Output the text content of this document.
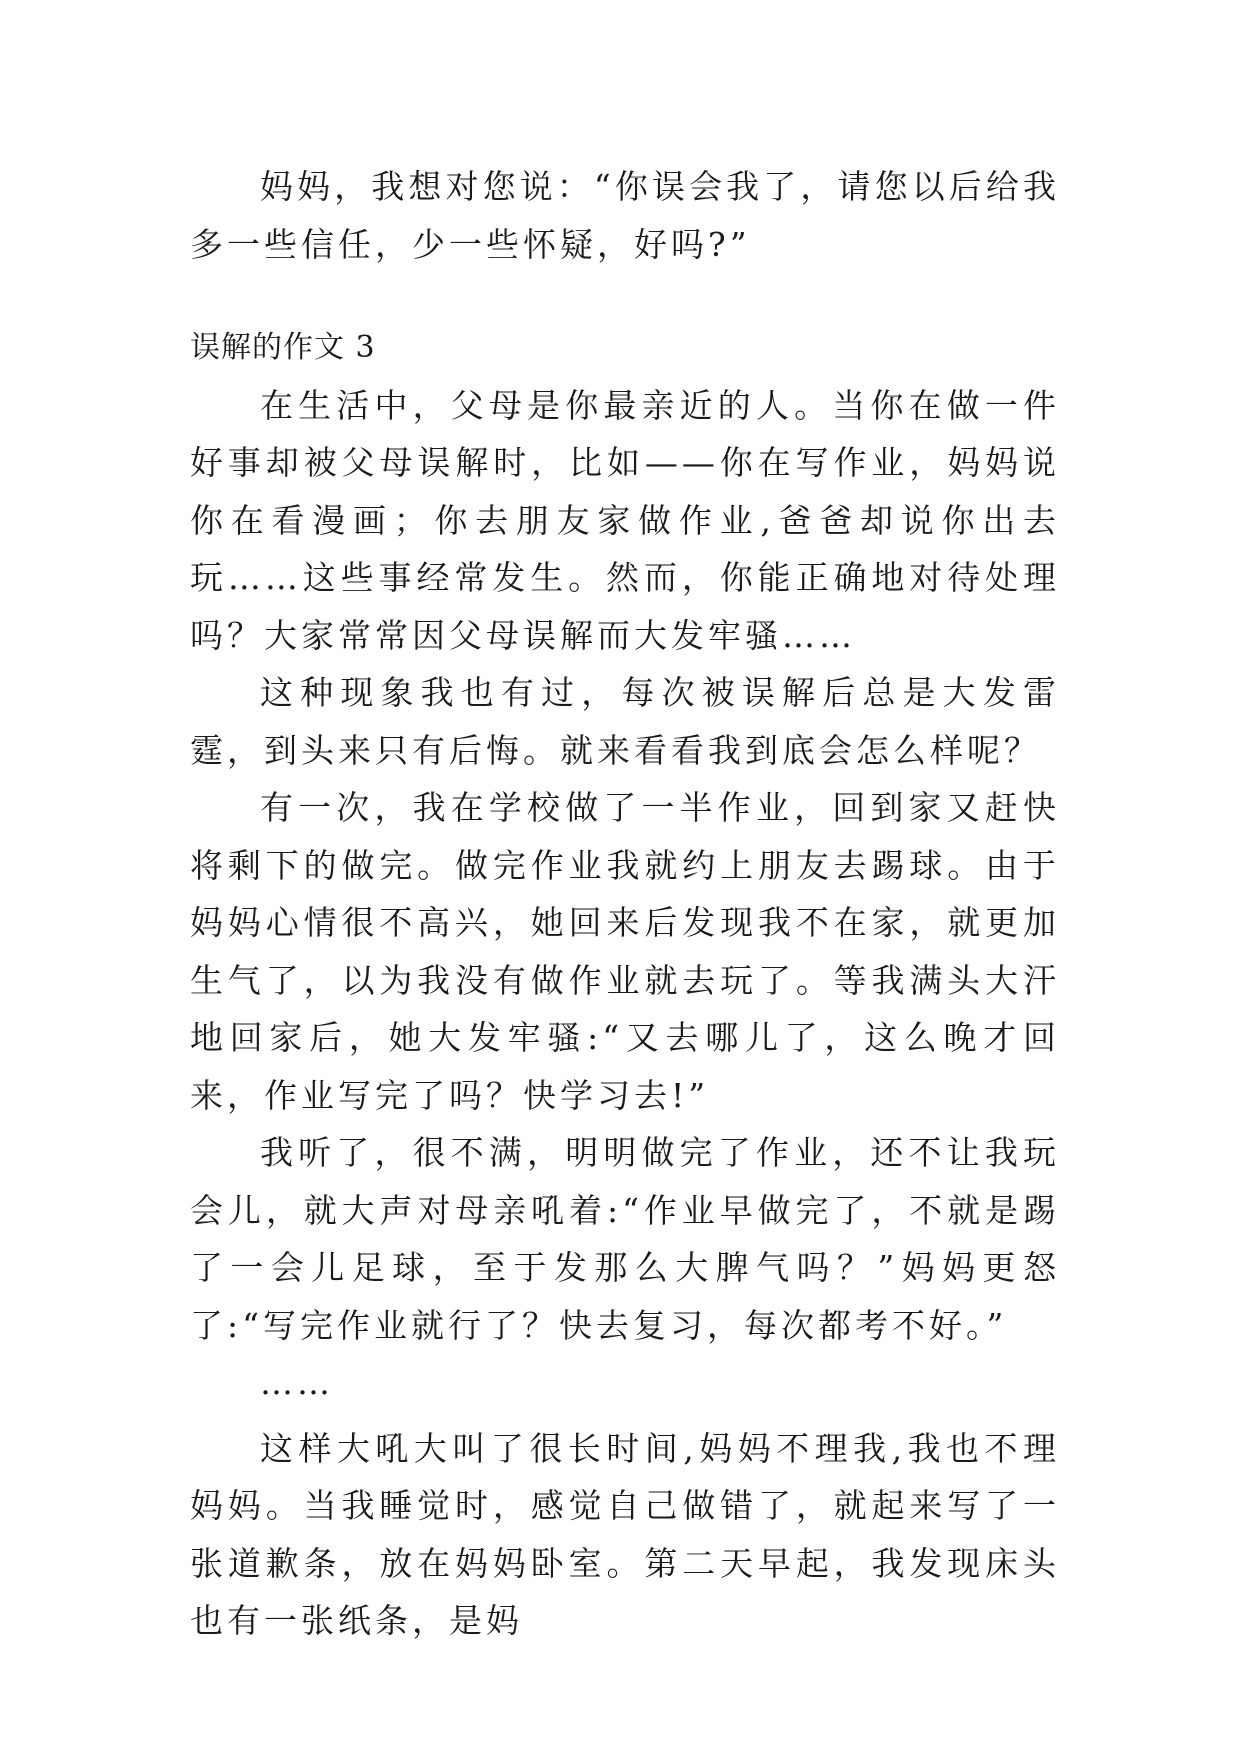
妈妈，我想对您说：“你误会我了，请您以后给我多一些信任，少一些怀疑，好吗?”

误解的作文 3

在生活中，父母是你最亲近的人。当你在做一件好事却被父母误解时，比如——你在写作业，妈妈说你在看漫画；你去朋友家做作业,爸爸却说你出去玩……这些事经常发生。然而，你能正确地对待处理吗？大家常常因父母误解而大发牢骚……

这种现象我也有过，每次被误解后总是大发雷霆，到头来只有后悔。就来看看我到底会怎么样呢？

有一次，我在学校做了一半作业，回到家又赶快将剩下的做完。做完作业我就约上朋友去踢球。由于妈妈心情很不高兴，她回来后发现我不在家，就更加生气了，以为我没有做作业就去玩了。等我满头大汗地回家后，她大发牢骚:“又去哪儿了，这么晚才回来，作业写完了吗？快学习去!”

我听了，很不满，明明做完了作业，还不让我玩会儿，就大声对母亲吼着:“作业早做完了，不就是踢了一会儿足球，至于发那么大脾气吗？”妈妈更怒了:“写完作业就行了？快去复习，每次都考不好。”

……

这样大吼大叫了很长时间,妈妈不理我,我也不理妈妈。当我睡觉时，感觉自己做错了，就起来写了一张道歉条，放在妈妈卧室。第二天早起，我发现床头也有一张纸条，是妈
